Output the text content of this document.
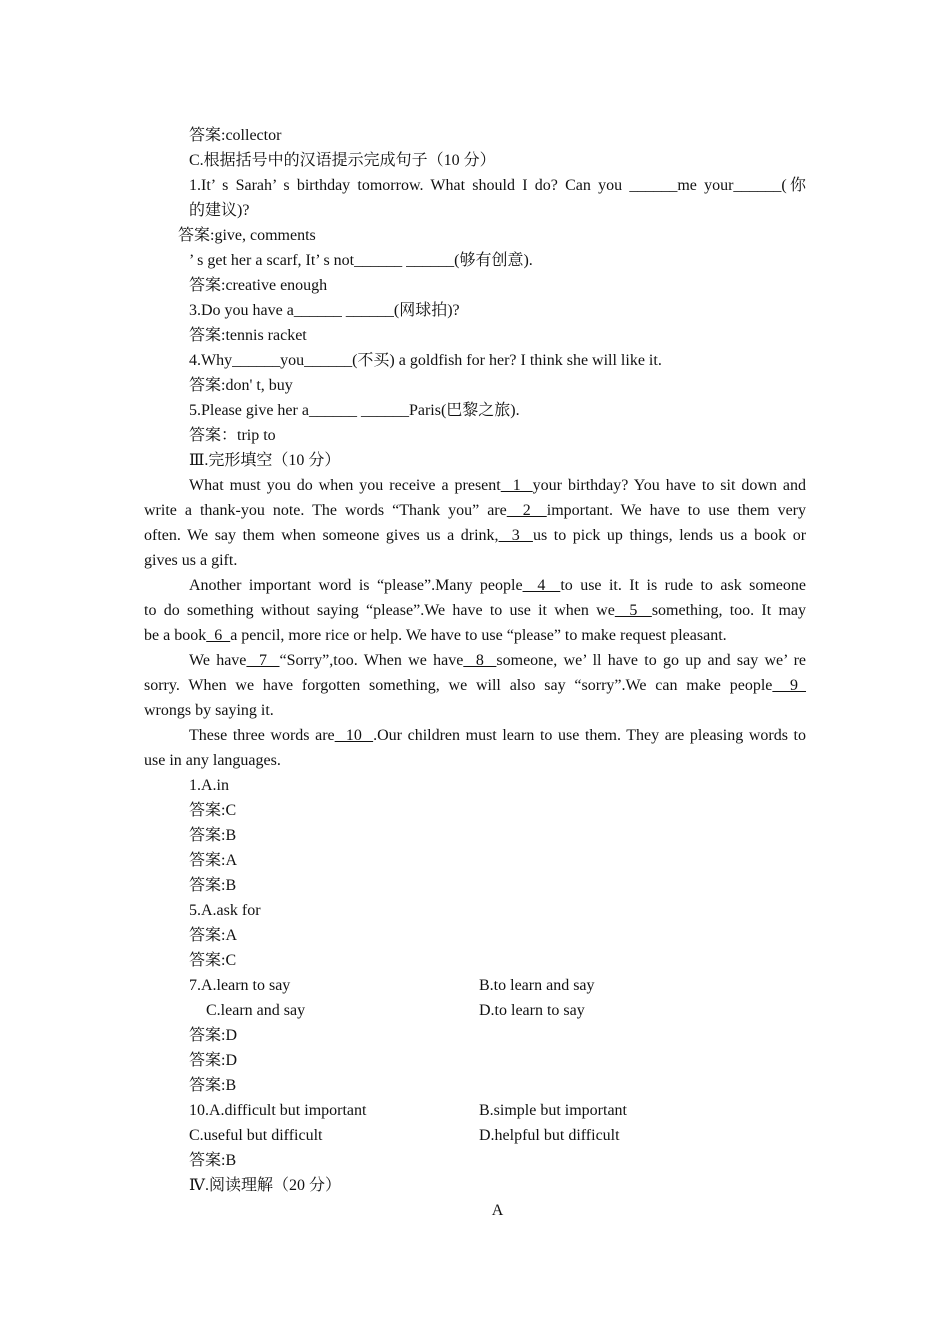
答案:collector
C.根据括号中的汉语提示完成句子（10 分）
1.It’ s Sarah’ s birthday tomorrow. What should I do? Can you ______me your______(你
的建议)?
答案:give, comments
’ s get her a scarf, It’ s not______ ______(够有创意).
答案:creative enough
3.Do you have a______ ______(网球拍)?
答案:tennis racket
4.Why______you______(不买) a goldfish for her? I think she will like it.
答案:don' t, buy
5.Please give her a______ ______Paris(巴黎之旅).
答案：trip to
Ⅲ.完形填空（10 分）
What must you do when you receive a present  1  your birthday? You have to sit down and
write a thank-you note. The words “Thank you” are  2  important. We have to use them very
often. We say them when someone gives us a drink,  3  us to pick up things, lends us a book or
gives us a gift.
Another important word is “please”.Many people  4  to use it. It is rude to ask someone
to do something without saying “please”.We have to use it when we  5  something, too. It may
be a book  6  a pencil, more rice or help. We have to use “please” to make request pleasant.
We have  7  “Sorry”,too. When we have  8  someone, we’ ll have to go up and say we’ re
sorry. When we have forgotten something, we will also say “sorry”.We can make people  9
wrongs by saying it.
These three words are  10  .Our children must learn to use them. They are pleasing words to
use in any languages.
1.A.in
答案:C
答案:B
答案:A
答案:B
5.A.ask for
答案:A
答案:C
7.A.learn to say	B.to learn and say
C.learn and say	D.to learn to say
答案:D
答案:D
答案:B
10.A.difficult but important	B.simple but important
C.useful but difficult	D.helpful but difficult
答案:B
Ⅳ.阅读理解（20 分）
A
